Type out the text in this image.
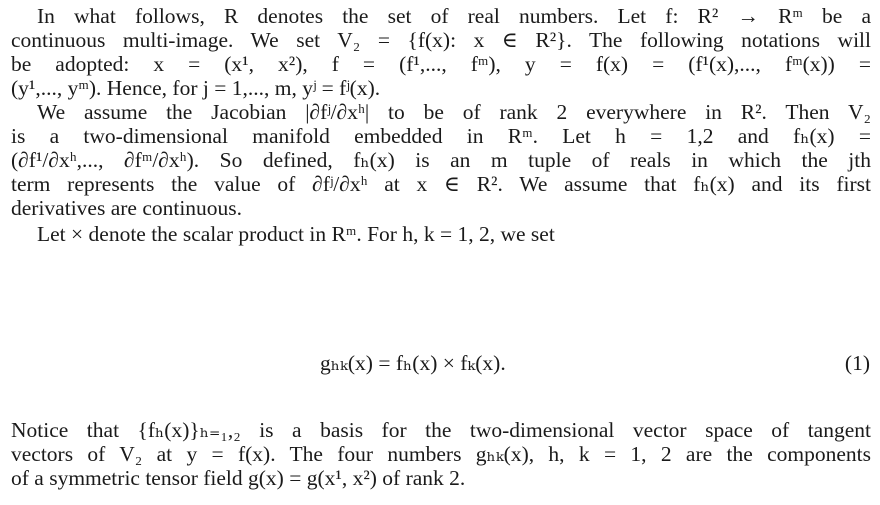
In what follows, R denotes the set of real numbers. Let f: R² → Rᵐ be a
continuous multi-image. We set V₂ = {f(x): x ∈ R²}. The following notations will
be adopted: x = (x¹, x²), f = (f¹,..., fᵐ), y = f(x) = (f¹(x),..., fᵐ(x)) =
(y¹,..., yᵐ). Hence, for j = 1,..., m, yʲ = fʲ(x).
We assume the Jacobian |∂fʲ/∂xʰ| to be of rank 2 everywhere in R². Then V₂
is a two-dimensional manifold embedded in Rᵐ. Let h = 1,2 and fₕ(x) =
(∂f¹/∂xʰ,..., ∂fᵐ/∂xʰ). So defined, fₕ(x) is an m tuple of reals in which the jth
term represents the value of ∂fʲ/∂xʰ at x ∈ R². We assume that fₕ(x) and its first
derivatives are continuous.
Let × denote the scalar product in Rᵐ. For h, k = 1, 2, we set
gₕₖ(x) = fₕ(x) × fₖ(x).	(1)
Notice that {fₕ(x)}ₕ₌₁,₂ is a basis for the two-dimensional vector space of tangent
vectors of V₂ at y = f(x). The four numbers gₕₖ(x), h, k = 1, 2 are the components
of a symmetric tensor field g(x) = g(x¹, x²) of rank 2.
